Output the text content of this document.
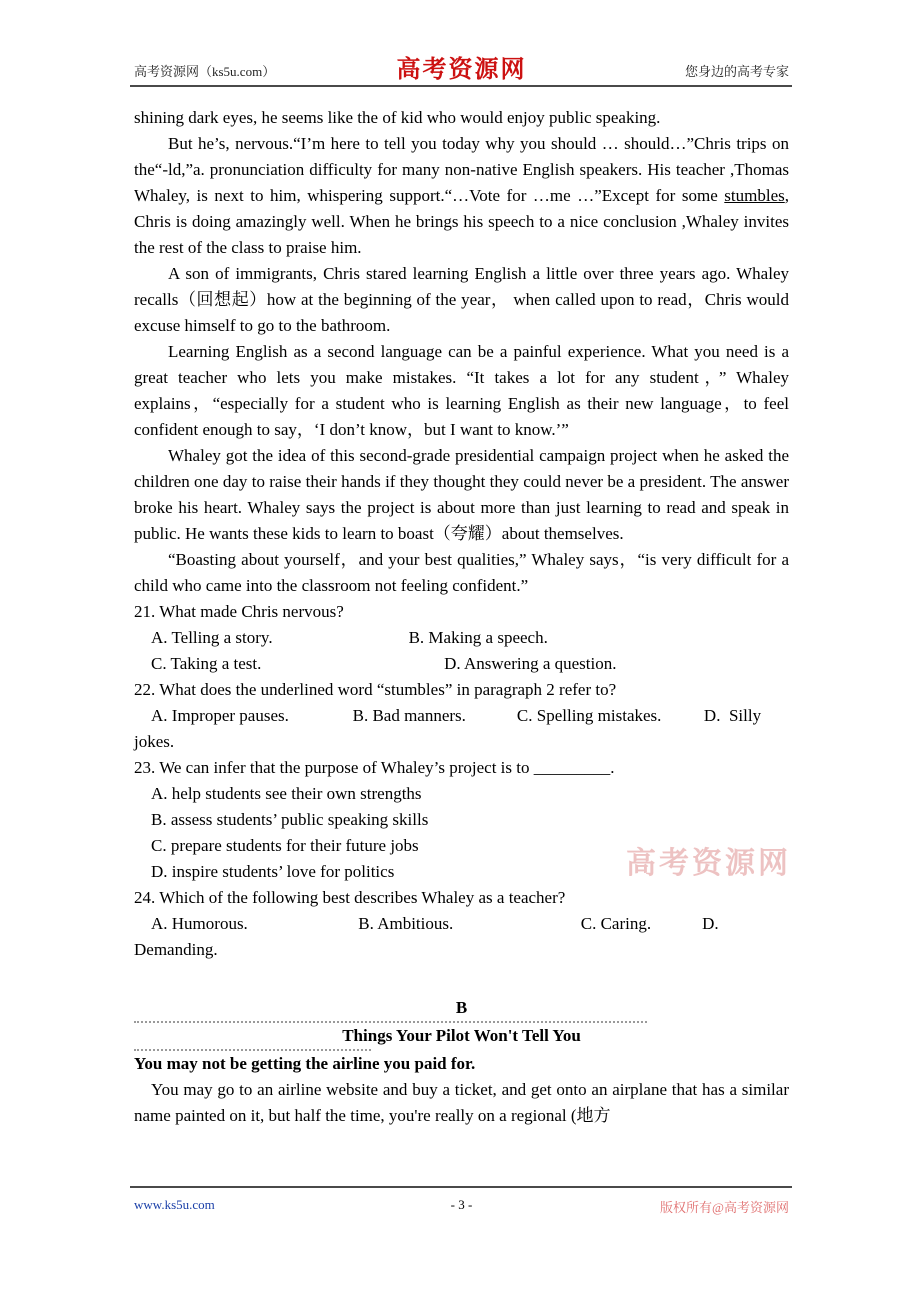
高考资源网（ks5u.com）	高考资源网	您身边的高考专家

shining dark eyes, he seems like the of kid who would enjoy public speaking.

But he’s, nervous.“I’m here to tell you today why you should … should…”Chris trips on the“-ld,”a. pronunciation difficulty for many non-native English speakers. His teacher ,Thomas Whaley, is next to him, whispering support.“…Vote for …me …”Except for some stumbles, Chris is doing amazingly well. When he brings his speech to a nice conclusion ,Whaley invites the rest of the class to praise him.

A son of immigrants, Chris stared learning English a little over three years ago. Whaley recalls（回想起）how at the beginning of the year， when called upon to read，Chris would excuse himself to go to the bathroom.

Learning English as a second language can be a painful experience. What you need is a great teacher who lets you make mistakes. “It takes a lot for any student，” Whaley explains，“especially for a student who is learning English as their new language，to feel confident enough to say，‘I don’t know，but I want to know.’”

Whaley got the idea of this second-grade presidential campaign project when he asked the children one day to raise their hands if they thought they could never be a president. The answer broke his heart. Whaley says the project is about more than just learning to read and speak in public. He wants these kids to learn to boast（夸耀）about themselves.

“Boasting about yourself，and your best qualities,” Whaley says，“is very difficult for a child who came into the classroom not feeling confident.”

21. What made Chris nervous?
A. Telling a story.                                B. Making a speech.
C. Taking a test.                                           D. Answering a question.
22. What does the underlined word “stumbles” in paragraph 2 refer to?
A. Improper pauses.               B. Bad manners.            C. Spelling mistakes.          D.  Silly
jokes.
23. We can infer that the purpose of Whaley’s project is to _________.
A. help students see their own strengths
B. assess students’ public speaking skills
C. prepare students for their future jobs
D. inspire students’ love for politics
24. Which of the following best describes Whaley as a teacher?
A. Humorous.                          B. Ambitious.                              C. Caring.            D.
Demanding.
B
Things Your Pilot Won't Tell You
You may not be getting the airline you paid for.

You may go to an airline website and buy a ticket, and get onto an airplane that has a similar name painted on it, but half the time, you're really on a regional (地方

高考资源网
www.ks5u.com	- 3 -	版权所有@高考资源网
